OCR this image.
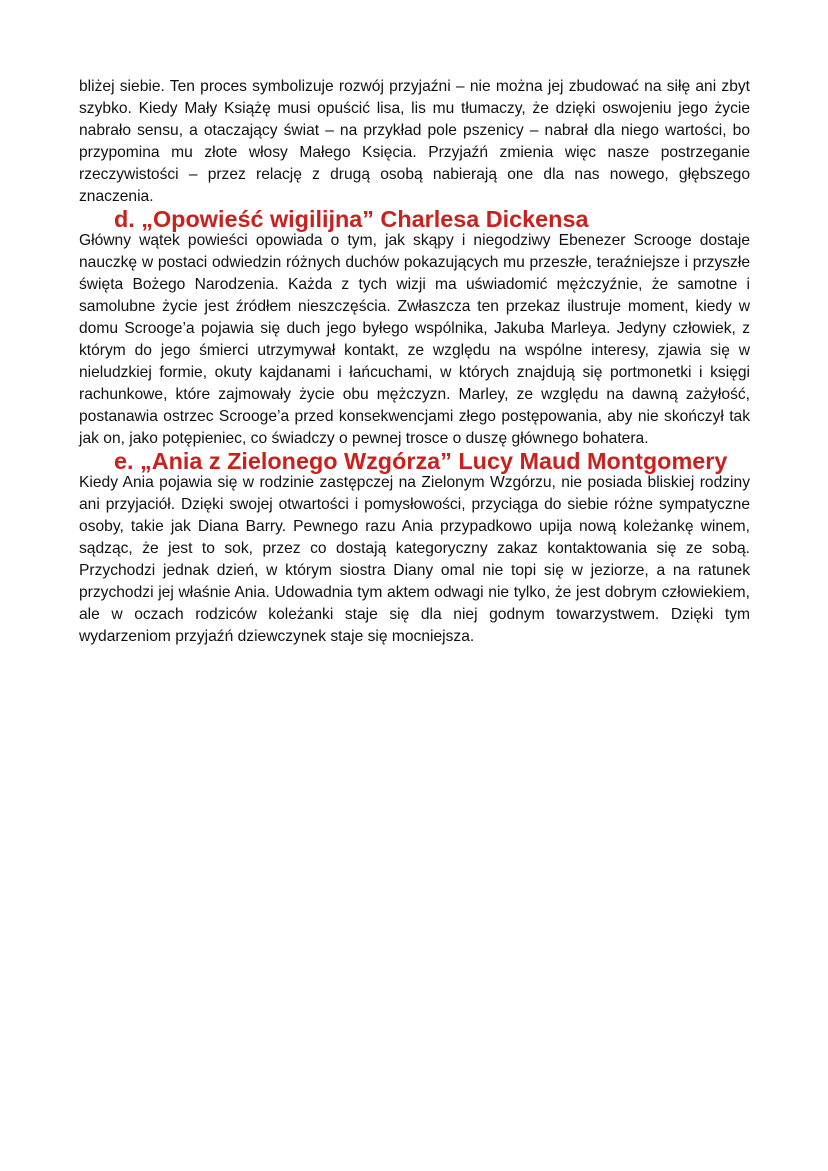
bliżej siebie. Ten proces symbolizuje rozwój przyjaźni – nie można jej zbudować na siłę ani zbyt szybko. Kiedy Mały Książę musi opuścić lisa, lis mu tłumaczy, że dzięki oswojeniu jego życie nabrało sensu, a otaczający świat – na przykład pole pszenicy – nabrał dla niego wartości, bo przypomina mu złote włosy Małego Księcia. Przyjaźń zmienia więc nasze postrzeganie rzeczywistości – przez relację z drugą osobą nabierają one dla nas nowego, głębszego znaczenia.

d. „Opowieść wigilijna” Charlesa Dickensa

Główny wątek powieści opowiada o tym, jak skąpy i niegodziwy Ebenezer Scrooge dostaje nauczkę w postaci odwiedzin różnych duchów pokazujących mu przeszłe, teraźniejsze i przyszłe święta Bożego Narodzenia. Każda z tych wizji ma uświadomić mężczyźnie, że samotne i samolubne życie jest źródłem nieszczęścia. Zwłaszcza ten przekaz ilustruje moment, kiedy w domu Scrooge’a pojawia się duch jego byłego wspólnika, Jakuba Marleya. Jedyny człowiek, z którym do jego śmierci utrzymywał kontakt, ze względu na wspólne interesy, zjawia się w nieludzkiej formie, okuty kajdanami i łańcuchami, w których znajdują się portmonetki i księgi rachunkowe, które zajmowały życie obu mężczyzn. Marley, ze względu na dawną zażyłość, postanawia ostrzec Scrooge’a przed konsekwencjami złego postępowania, aby nie skończył tak jak on, jako potępieniec, co świadczy o pewnej trosce o duszę głównego bohatera.

e. „Ania z Zielonego Wzgórza” Lucy Maud Montgomery

Kiedy Ania pojawia się w rodzinie zastępczej na Zielonym Wzgórzu, nie posiada bliskiej rodziny ani przyjaciół. Dzięki swojej otwartości i pomysłowości, przyciąga do siebie różne sympatyczne osoby, takie jak Diana Barry. Pewnego razu Ania przypadkowo upija nową koleżankę winem, sądząc, że jest to sok, przez co dostają kategoryczny zakaz kontaktowania się ze sobą. Przychodzi jednak dzień, w którym siostra Diany omal nie topi się w jeziorze, a na ratunek przychodzi jej właśnie Ania. Udowadnia tym aktem odwagi nie tylko, że jest dobrym człowiekiem, ale w oczach rodziców koleżanki staje się dla niej godnym towarzystwem. Dzięki tym wydarzeniom przyjaźń dziewczynek staje się mocniejsza.
